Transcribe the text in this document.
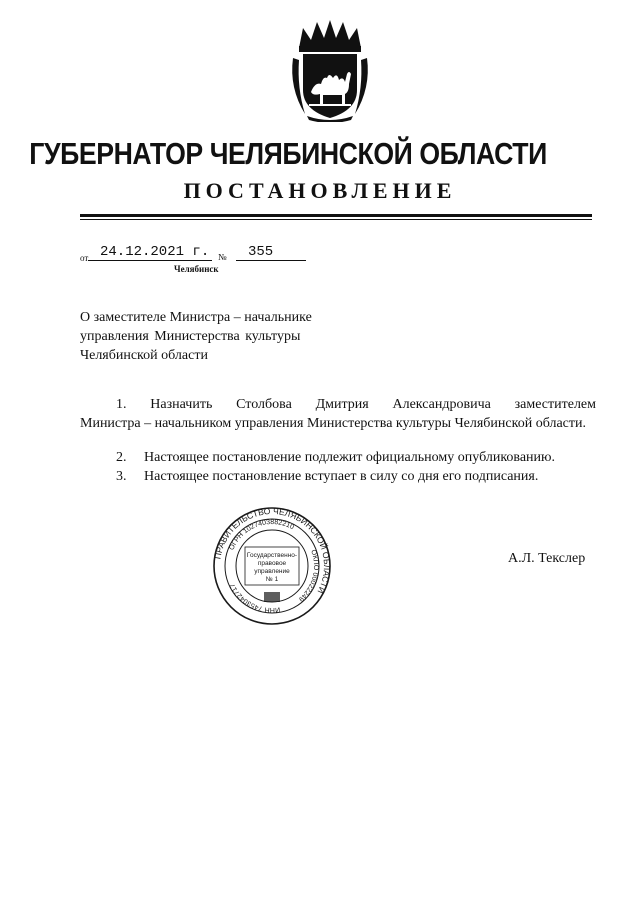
ГУБЕРНАТОР ЧЕЛЯБИНСКОЙ ОБЛАСТИ
ПОСТАНОВЛЕНИЕ
от 24.12.2021 г. №	355
Челябинск
О заместителе Министра – начальнике
управления Министерства культуры
Челябинской области
1. Назначить Столбова Дмитрия Александровича заместителем
Министра – начальником управления Министерства культуры Челябинской области.
2. Настоящее постановление подлежит официальному опубликованию.
3. Настоящее постановление вступает в силу со дня его подписания.
ПРАВИТЕЛЬСТВО ЧЕЛЯБИНСКОЙ ОБЛАСТИ
ОГРН 1027403882210
ОКПО 00022249
ИНН 7453042717
Государственно-
правовое
управление
№ 1
А.Л. Текслер
